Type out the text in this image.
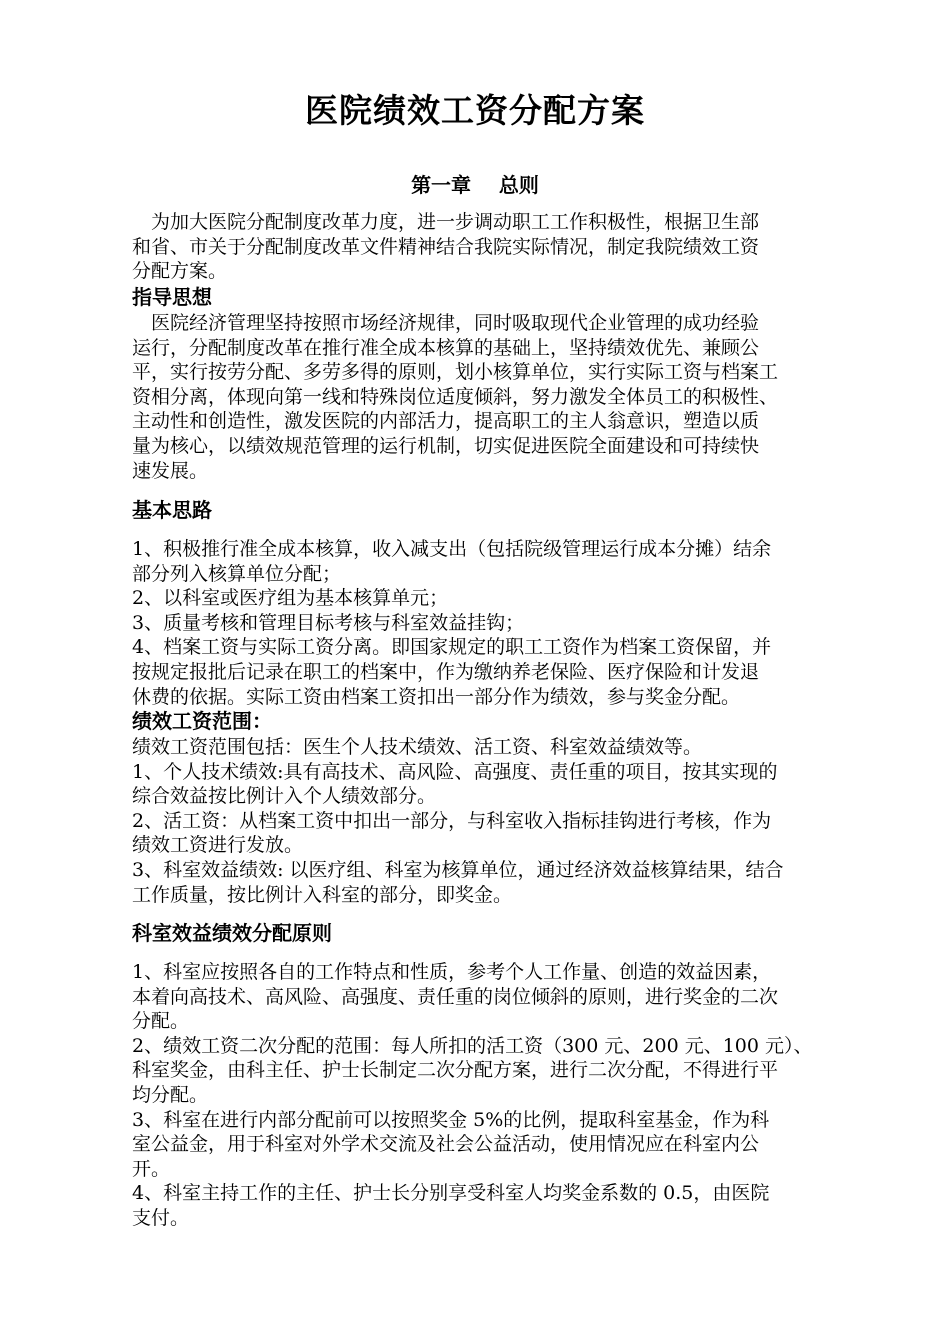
医院绩效工资分配方案
第一章    总则
为加大医院分配制度改革力度，进一步调动职工工作积极性，根据卫生部
和省、市关于分配制度改革文件精神结合我院实际情况，制定我院绩效工资
分配方案。
指导思想
医院经济管理坚持按照市场经济规律，同时吸取现代企业管理的成功经验
运行，分配制度改革在推行准全成本核算的基础上，坚持绩效优先、兼顾公
平，实行按劳分配、多劳多得的原则，划小核算单位，实行实际工资与档案工
资相分离，体现向第一线和特殊岗位适度倾斜，努力激发全体员工的积极性、
主动性和创造性，激发医院的内部活力，提高职工的主人翁意识，塑造以质
量为核心，以绩效规范管理的运行机制，切实促进医院全面建设和可持续快
速发展。
基本思路
1、积极推行准全成本核算，收入减支出（包括院级管理运行成本分摊）结余
部分列入核算单位分配；
2、以科室或医疗组为基本核算单元；
3、质量考核和管理目标考核与科室效益挂钩；
4、档案工资与实际工资分离。即国家规定的职工工资作为档案工资保留，并
按规定报批后记录在职工的档案中，作为缴纳养老保险、医疗保险和计发退
休费的依据。实际工资由档案工资扣出一部分作为绩效，参与奖金分配。
绩效工资范围：
绩效工资范围包括：医生个人技术绩效、活工资、科室效益绩效等。
1、个人技术绩效:具有高技术、高风险、高强度、责任重的项目，按其实现的
综合效益按比例计入个人绩效部分。
2、活工资：从档案工资中扣出一部分，与科室收入指标挂钩进行考核，作为
绩效工资进行发放。
3、科室效益绩效: 以医疗组、科室为核算单位，通过经济效益核算结果，结合
工作质量，按比例计入科室的部分，即奖金。
科室效益绩效分配原则
1、科室应按照各自的工作特点和性质，参考个人工作量、创造的效益因素，
本着向高技术、高风险、高强度、责任重的岗位倾斜的原则，进行奖金的二次
分配。
2、绩效工资二次分配的范围：每人所扣的活工资（300 元、200 元、100 元）、
科室奖金，由科主任、护士长制定二次分配方案，进行二次分配，不得进行平
均分配。
3、科室在进行内部分配前可以按照奖金 5%的比例，提取科室基金，作为科
室公益金，用于科室对外学术交流及社会公益活动，使用情况应在科室内公
开。
4、科室主持工作的主任、护士长分别享受科室人均奖金系数的 0.5，由医院
支付。
